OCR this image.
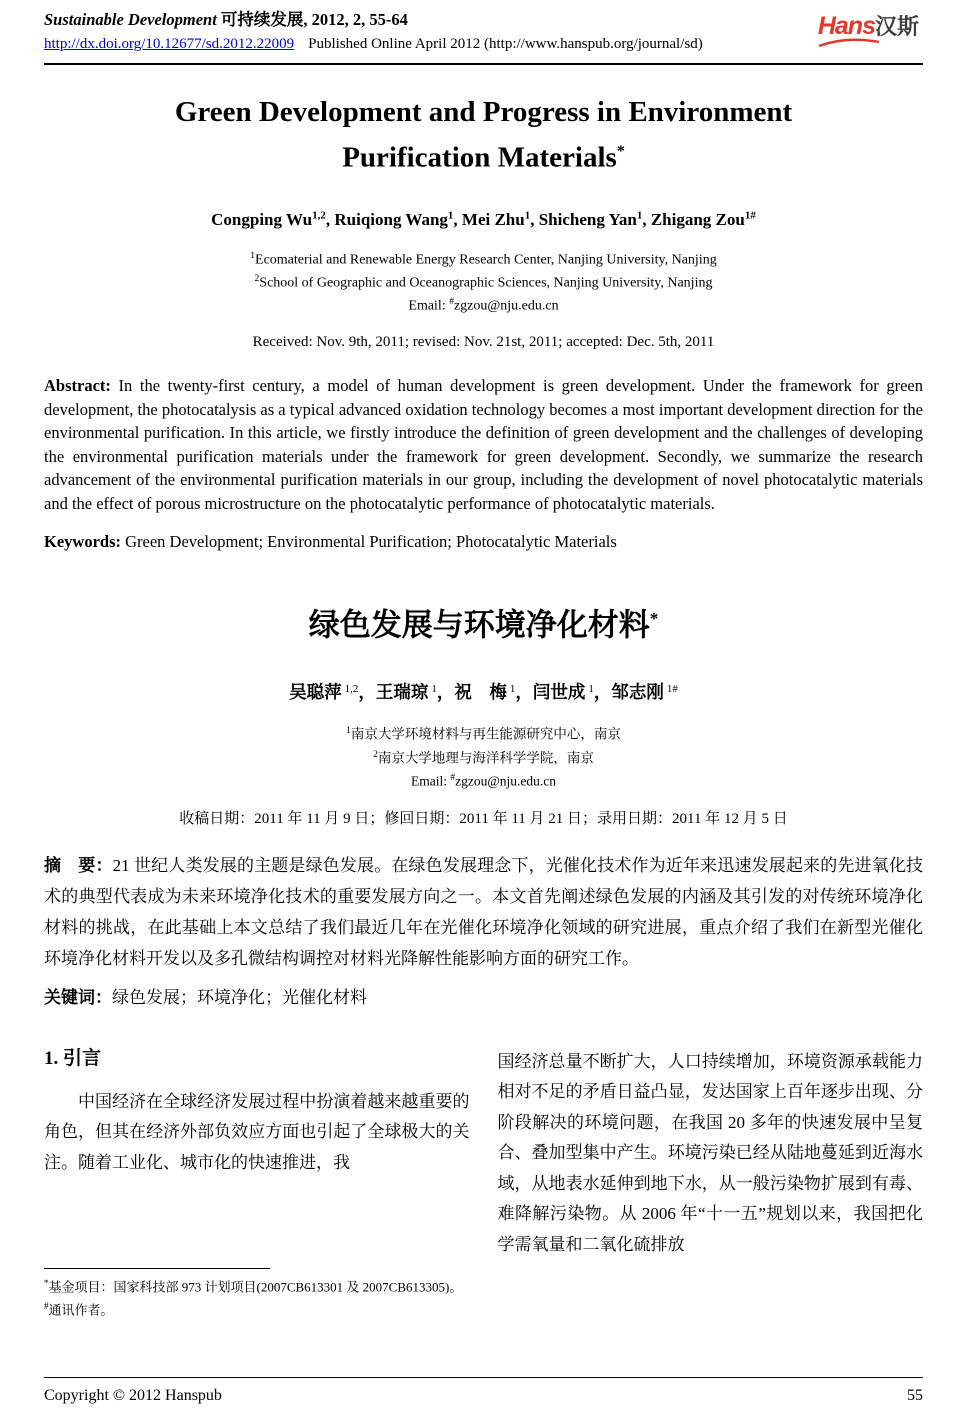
Sustainable Development 可持续发展, 2012, 2, 55-64
http://dx.doi.org/10.12677/sd.2012.22009 Published Online April 2012 (http://www.hanspub.org/journal/sd)
Hans汉斯
Green Development and Progress in Environment
Purification Materials*
Congping Wu$^{1,2}$, Ruiqiong Wang$^1$, Mei Zhu$^1$, Shicheng Yan$^1$, Zhigang Zou$^{1\#}$
$^1$Ecomaterial and Renewable Energy Research Center, Nanjing University, Nanjing
$^2$School of Geographic and Oceanographic Sciences, Nanjing University, Nanjing
Email: #zgzou@nju.edu.cn
Received: Nov. 9th, 2011; revised: Nov. 21st, 2011; accepted: Dec. 5th, 2011

Abstract: In the twenty-first century, a model of human development is green development. Under the framework for green development, the photocatalysis as a typical advanced oxidation technology becomes a most important development direction for the environmental purification. In this article, we firstly introduce the definition of green development and the challenges of developing the environmental purification materials under the framework for green development. Secondly, we summarize the research advancement of the environmental purification materials in our group, including the development of novel photocatalytic materials and the effect of porous microstructure on the photocatalytic performance of photocatalytic materials.

Keywords: Green Development; Environmental Purification; Photocatalytic Materials

绿色发展与环境净化材料*
吴聪萍 $^{1,2}$，王瑞琼 $^1$，祝　梅 $^1$，闫世成 $^1$，邹志刚 $^{1\#}$
$^1$南京大学环境材料与再生能源研究中心，南京
$^2$南京大学地理与海洋科学学院，南京
Email: #zgzou@nju.edu.cn
收稿日期：2011 年 11 月 9 日；修回日期：2011 年 11 月 21 日；录用日期：2011 年 12 月 5 日

摘　要：21 世纪人类发展的主题是绿色发展。在绿色发展理念下，光催化技术作为近年来迅速发展起来的先进氧化技术的典型代表成为未来环境净化技术的重要发展方向之一。本文首先阐述绿色发展的内涵及其引发的对传统环境净化材料的挑战，在此基础上本文总结了我们最近几年在光催化环境净化领域的研究进展，重点介绍了我们在新型光催化环境净化材料开发以及多孔微结构调控对材料光降解性能影响方面的研究工作。

关键词：绿色发展；环境净化；光催化材料

1. 引言

中国经济在全球经济发展过程中扮演着越来越重要的角色，但其在经济外部负效应方面也引起了全球极大的关注。随着工业化、城市化的快速推进，我

*基金项目：国家科技部 973 计划项目(2007CB613301 及 2007CB613305)。

#通讯作者。

国经济总量不断扩大，人口持续增加，环境资源承载能力相对不足的矛盾日益凸显，发达国家上百年逐步出现、分阶段解决的环境问题，在我国 20 多年的快速发展中呈复合、叠加型集中产生。环境污染已经从陆地蔓延到近海水域，从地表水延伸到地下水，从一般污染物扩展到有毒、难降解污染物。从 2006 年“十一五”规划以来，我国把化学需氧量和二氧化硫排放

Copyright © 2012 Hanspub	55
